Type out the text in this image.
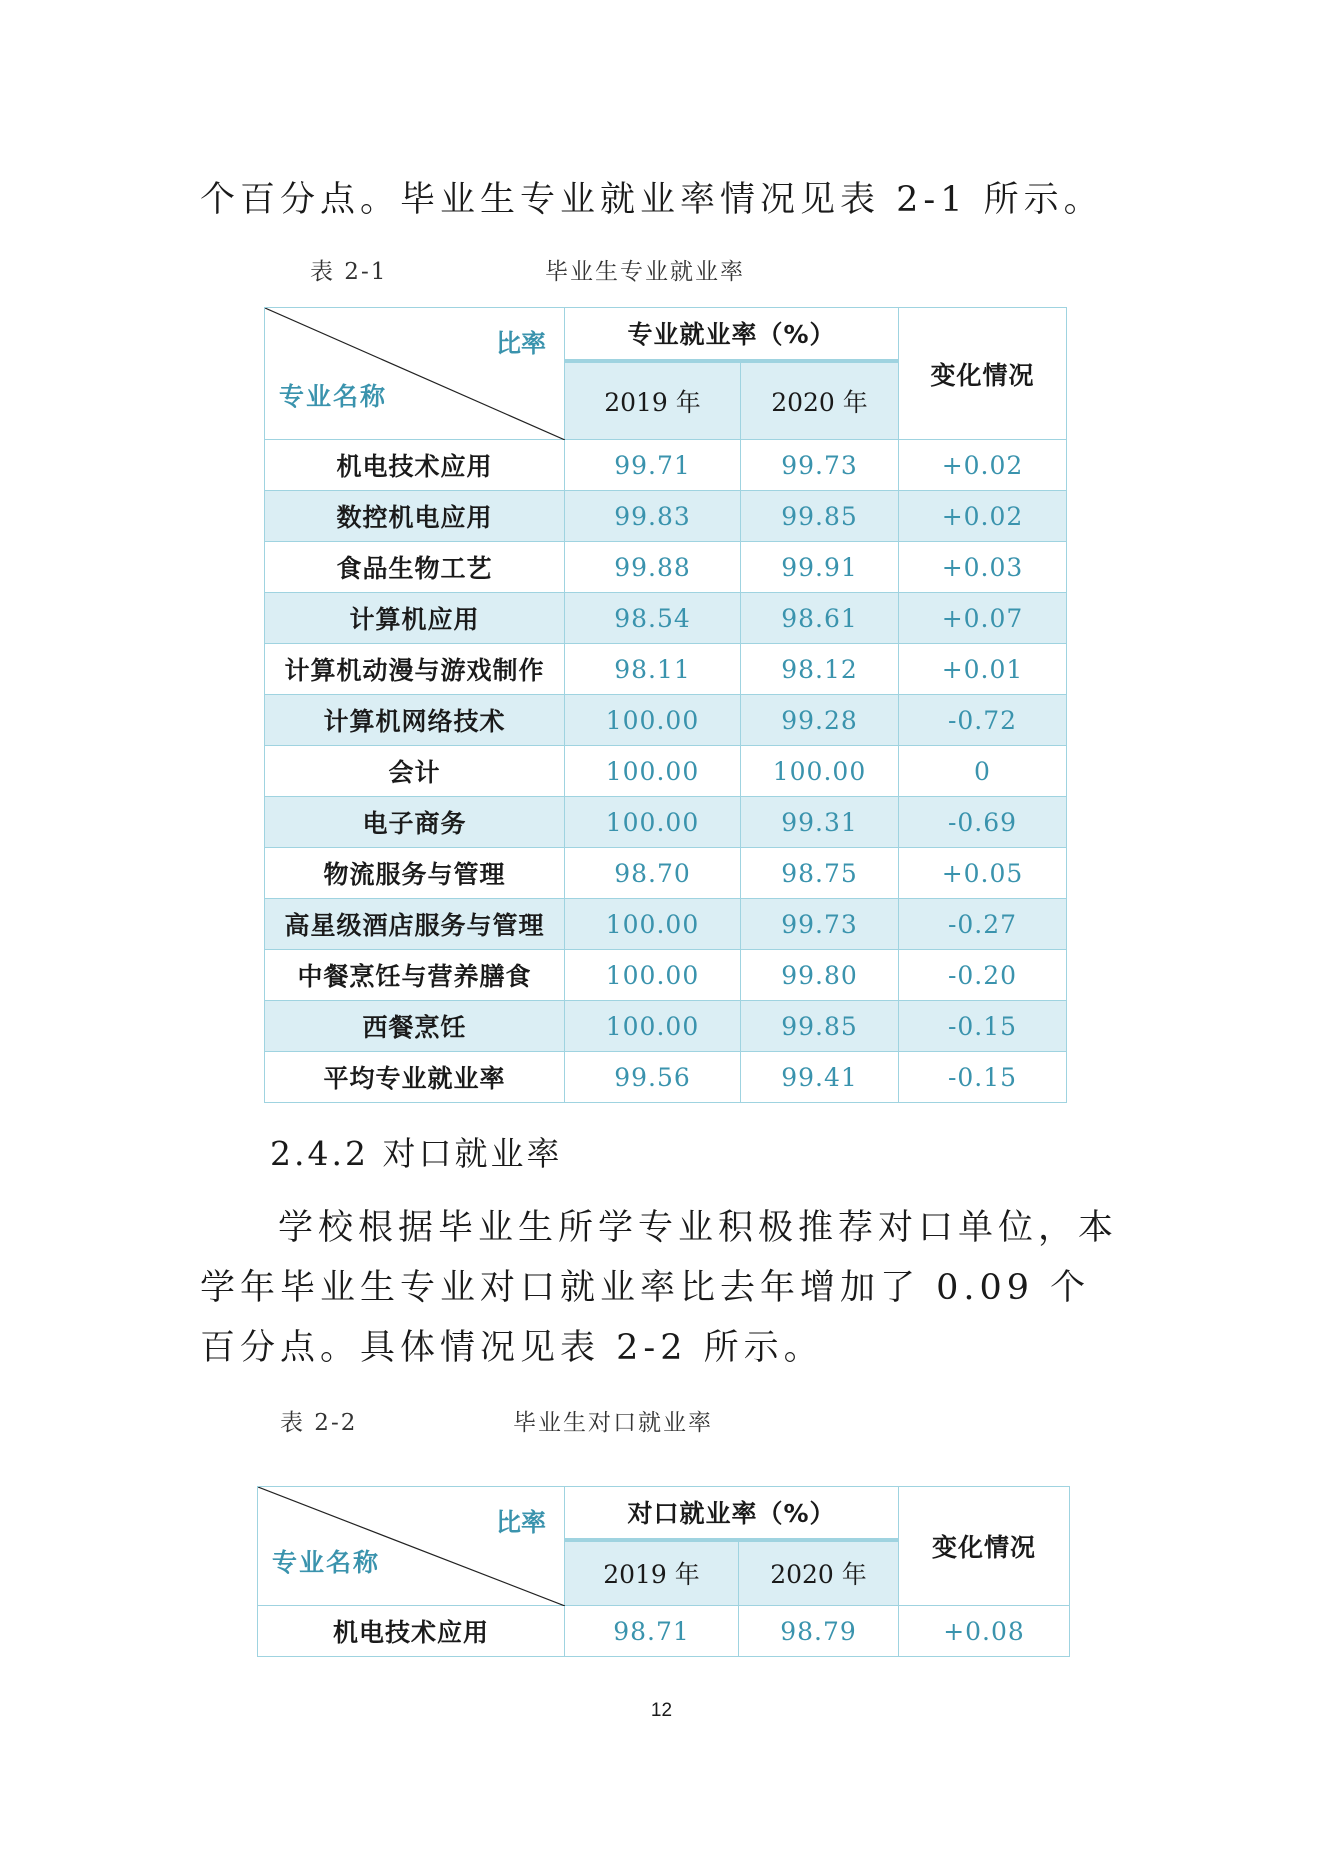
个百分点。毕业生专业就业率情况见表 2-1 所示。

表 2-1	毕业生专业就业率
比率
专业名称	专业就业率（%）		变化情况
	2019 年	2020 年	
机电技术应用	99.71	99.73	+0.02
数控机电应用	99.83	99.85	+0.02
食品生物工艺	99.88	99.91	+0.03
计算机应用	98.54	98.61	+0.07
计算机动漫与游戏制作	98.11	98.12	+0.01
计算机网络技术	100.00	99.28	-0.72
会计	100.00	100.00	0
电子商务	100.00	99.31	-0.69
物流服务与管理	98.70	98.75	+0.05
高星级酒店服务与管理	100.00	99.73	-0.27
中餐烹饪与营养膳食	100.00	99.80	-0.20
西餐烹饪	100.00	99.85	-0.15
平均专业就业率	99.56	99.41	-0.15

2.4.2 对口就业率

学校根据毕业生所学专业积极推荐对口单位，本学年毕业生专业对口就业率比去年增加了 0.09 个百分点。具体情况见表 2-2 所示。

表 2-2	毕业生对口就业率
比率
专业名称	对口就业率（%）		变化情况
	2019 年	2020 年	
机电技术应用	98.71	98.79	+0.08
12
